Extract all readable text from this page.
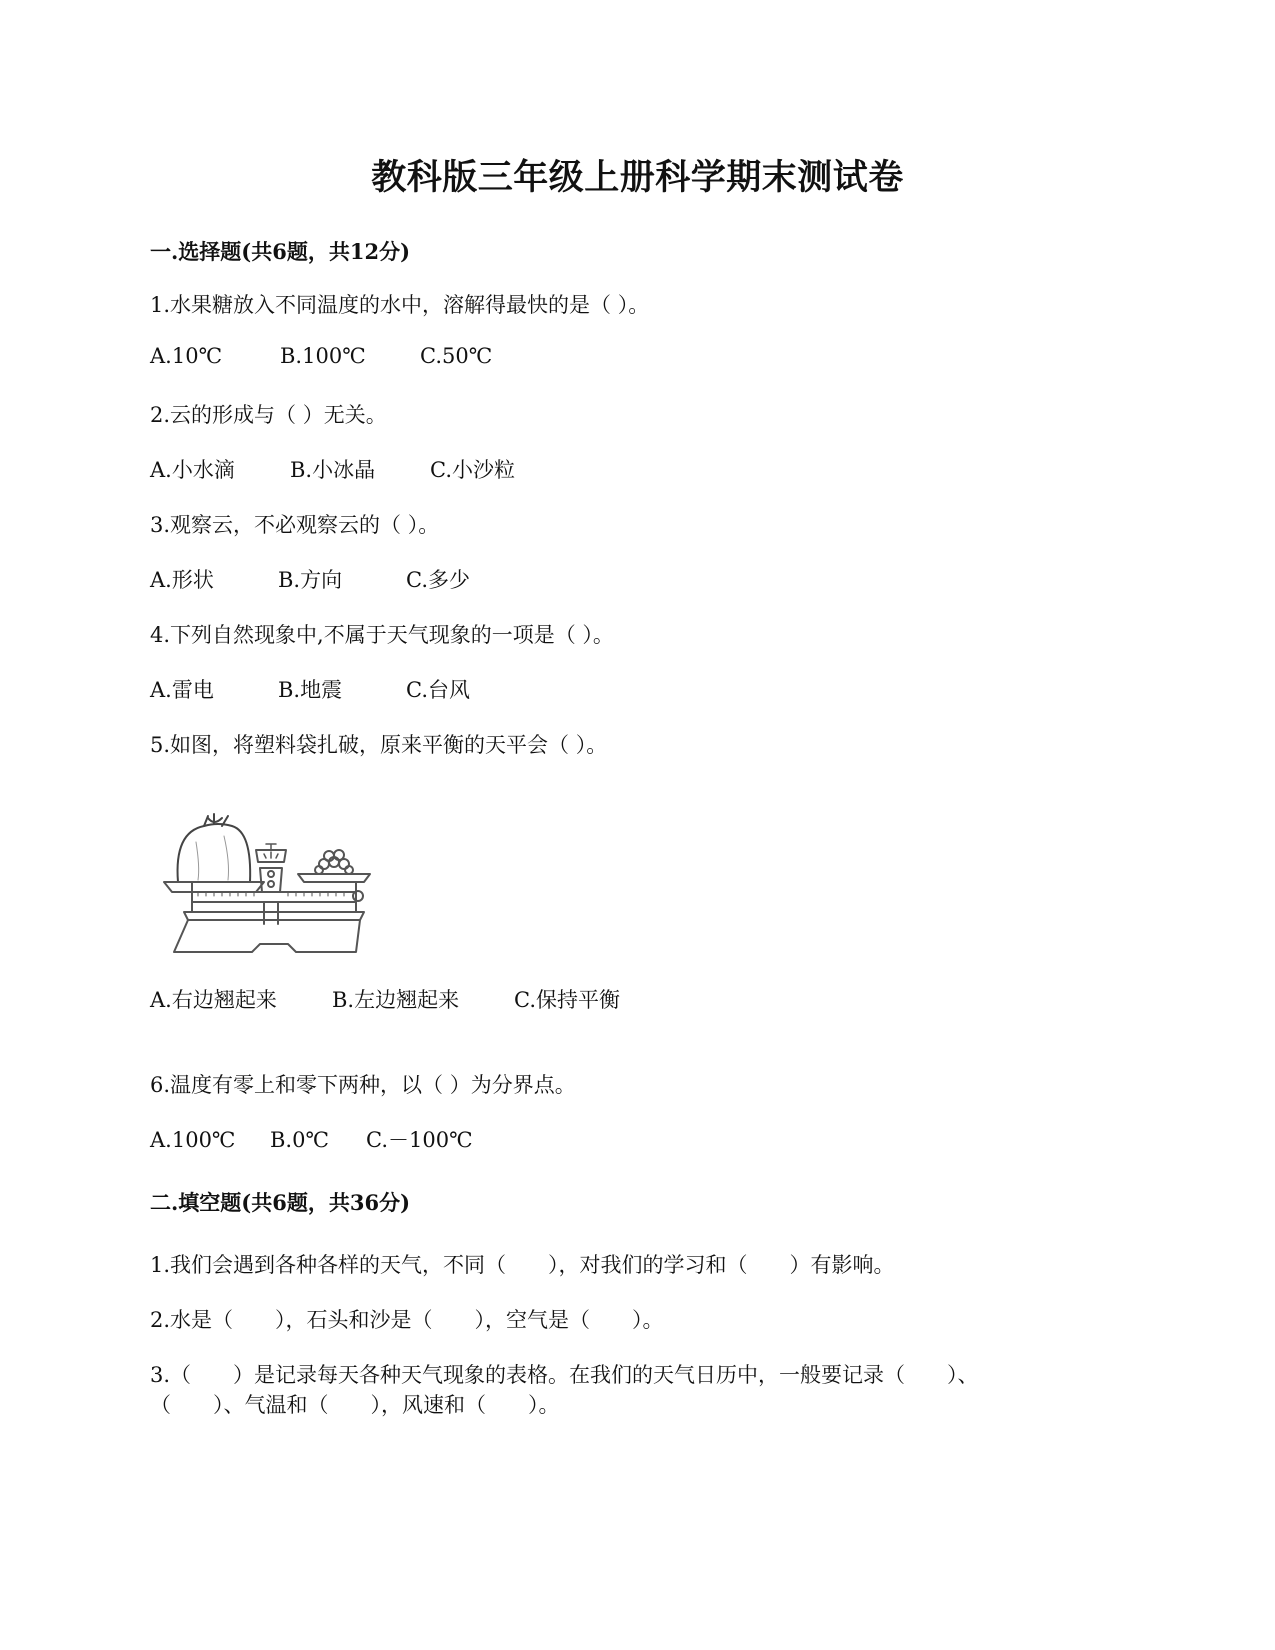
教科版三年级上册科学期末测试卷
一.选择题(共6题，共12分)
1.水果糖放入不同温度的水中，溶解得最快的是（ ）。
A.10℃	B.100℃	C.50℃
2.云的形成与（ ）无关。
A.小水滴	B.小冰晶	C.小沙粒
3.观察云，不必观察云的（ ）。
A.形状	B.方向	C.多少
4.下列自然现象中,不属于天气现象的一项是（ ）。
A.雷电	B.地震	C.台风
5.如图，将塑料袋扎破，原来平衡的天平会（ ）。
A.右边翘起来	B.左边翘起来	C.保持平衡
6.温度有零上和零下两种，以（ ）为分界点。
A.100℃ B.0℃ C.－100℃
二.填空题(共6题，共36分)
1.我们会遇到各种各样的天气，不同（　　），对我们的学习和（　　）有影响。
2.水是（　　），石头和沙是（　　），空气是（　　）。
3.（　　）是记录每天各种天气现象的表格。在我们的天气日历中，一般要记录（　　）、
（　　）、气温和（　　），风速和（　　）。
